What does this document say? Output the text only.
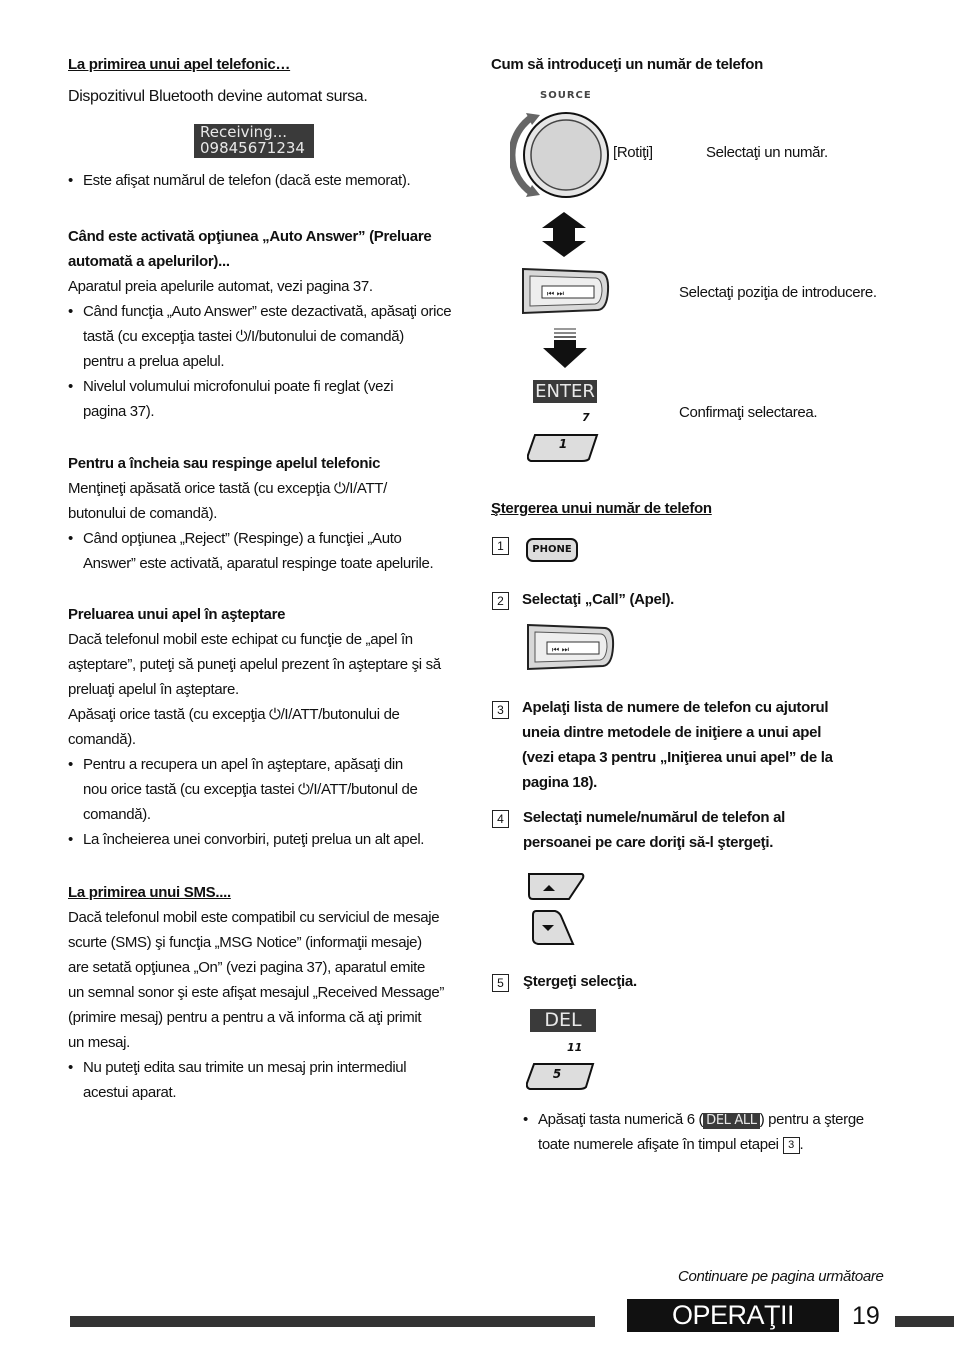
La primirea unui apel telefonic…
Dispozitivul Bluetooth devine automat sursa.
Receiving...
09845671234
• Este afişat numărul de telefon (dacă este memorat).
Când este activată opţiunea „Auto Answer” (Preluare
automată a apelurilor)...
Aparatul preia apelurile automat, vezi pagina 37.
• Când funcţia „Auto Answer” este dezactivată, apăsaţi orice
tastă (cu excepţia tastei ⏻/I/butonului de comandă)
pentru a prelua apelul.
• Nivelul volumului microfonului poate fi reglat (vezi
pagina 37).
Pentru a încheia sau respinge apelul telefonic
Menţineţi apăsată orice tastă (cu excepţia ⏻/I/ATT/
butonului de comandă).
• Când opţiunea „Reject” (Respinge) a funcţiei „Auto
Answer” este activată, aparatul respinge toate apelurile.
Preluarea unui apel în aşteptare
Dacă telefonul mobil este echipat cu funcţie de „apel în
aşteptare”, puteţi să puneţi apelul prezent în aşteptare şi să
preluaţi apelul în aşteptare.
Apăsaţi orice tastă (cu excepţia ⏻/I/ATT/butonului de
comandă).
• Pentru a recupera un apel în aşteptare, apăsaţi din
nou orice tastă (cu excepţia tastei ⏻/I/ATT/butonul de
comandă).
• La încheierea unei convorbiri, puteţi prelua un alt apel.
La primirea unui SMS....
Dacă telefonul mobil este compatibil cu serviciul de mesaje
scurte (SMS) şi funcţia „MSG Notice” (informaţii mesaje)
are setată opţiunea „On” (vezi pagina 37), aparatul emite
un semnal sonor şi este afişat mesajul „Received Message”
(primire mesaj) pentru a pentru a vă informa că aţi primit
un mesaj.
• Nu puteţi edita sau trimite un mesaj prin intermediul
acestui aparat.
Cum să introduceţi un număr de telefon
SOURCE
[Rotiţi]	Selectaţi un număr.
⏮ ⏭	Selectaţi poziţia de introducere.
ENTER
7
1
Confirmaţi selectarea.
Ştergerea unui număr de telefon
1	PHONE
2	Selectaţi „Call” (Apel).
⏮ ⏭
3	Apelaţi lista de numere de telefon cu ajutorul
uneia dintre metodele de iniţiere a unui apel
(vezi etapa 3 pentru „Iniţierea unui apel” de la
pagina 18).
4	Selectaţi numele/numărul de telefon al
persoanei pe care doriţi să-l ştergeţi.
5	Ştergeţi selecţia.
DEL
11
5
• Apăsaţi tasta numerică 6 ( DEL ALL ) pentru a şterge
toate numerele afişate în timpul etapei 3 .
Continuare pe pagina următoare
OPERAŢII	19
